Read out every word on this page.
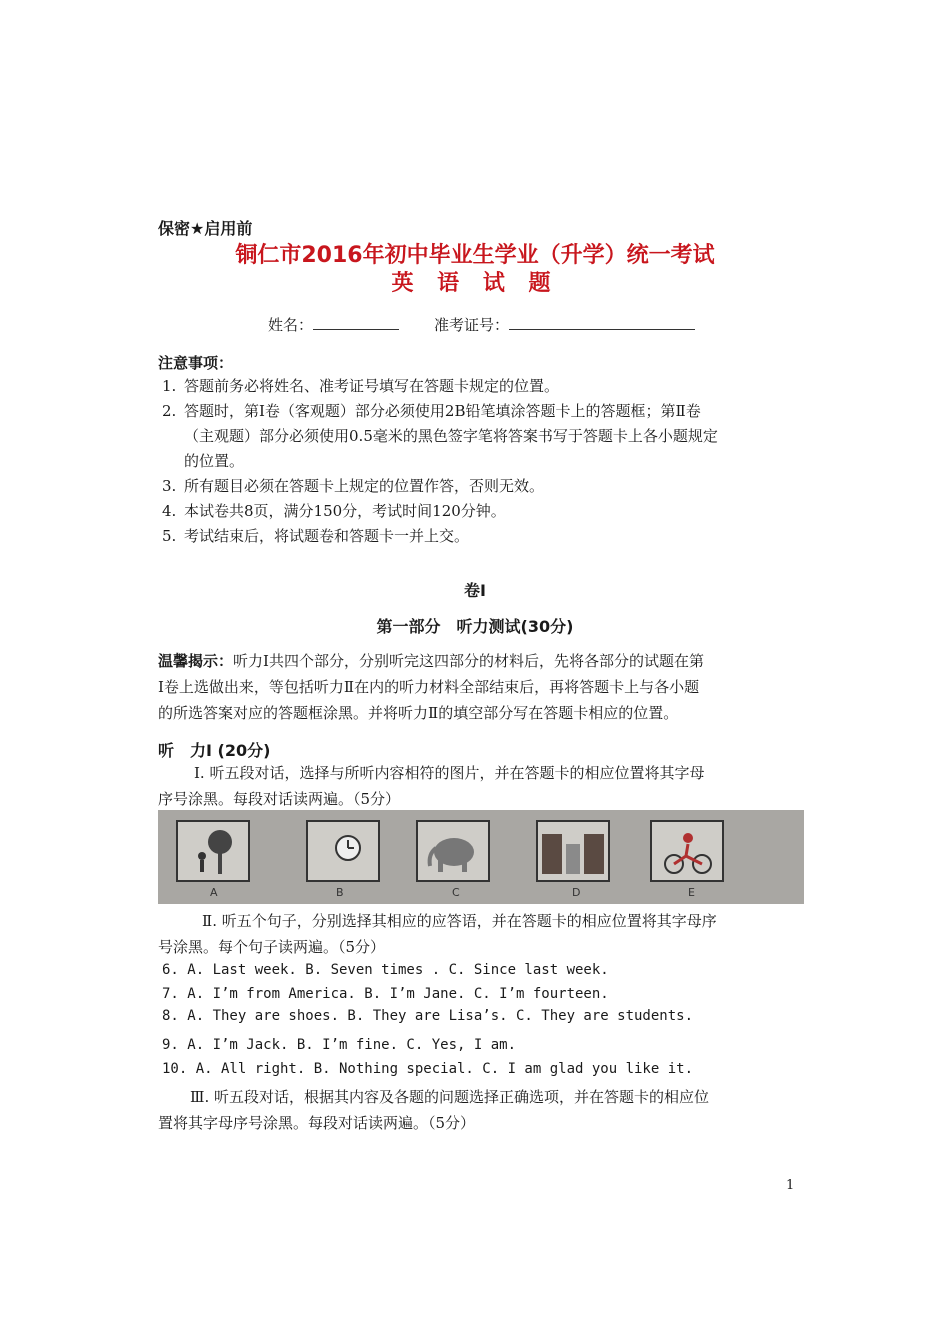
保密★启用前
铜仁市2016年初中毕业生学业（升学）统一考试
英 语 试 题
姓名：	准考证号：
注意事项：
1. 答题前务必将姓名、准考证号填写在答题卡规定的位置。
2. 答题时，第Ⅰ卷（客观题）部分必须使用2B铅笔填涂答题卡上的答题框；第Ⅱ卷
（主观题）部分必须使用0.5毫米的黑色签字笔将答案书写于答题卡上各小题规定
的位置。
3. 所有题目必须在答题卡上规定的位置作答，否则无效。
4. 本试卷共8页，满分150分，考试时间120分钟。
5. 考试结束后，将试题卷和答题卡一并上交。
卷Ⅰ
第一部分　听力测试(30分)
温馨揭示：听力Ⅰ共四个部分，分别听完这四部分的材料后，先将各部分的试题在第
Ⅰ卷上选做出来，等包括听力Ⅱ在内的听力材料全部结束后，再将答题卡上与各小题
的所选答案对应的答题框涂黑。并将听力Ⅱ的填空部分写在答题卡相应的位置。
听　力Ⅰ (20分)
Ⅰ. 听五段对话，选择与所听内容相符的图片，并在答题卡的相应位置将其字母
序号涂黑。每段对话读两遍。（5分）
A	B	C	D	E
Ⅱ. 听五个句子，分别选择其相应的应答语，并在答题卡的相应位置将其字母序
号涂黑。每个句子读两遍。（5分）
6. A. Last week. B. Seven times . C. Since last week.
7. A. I’m from America. B. I’m Jane. C. I’m fourteen.
8. A. They are shoes. B. They are Lisa’s. C. They are students.
9. A. I’m Jack. B. I’m fine. C. Yes, I am.
10. A. All right. B. Nothing special. C. I am glad you like it.
Ⅲ. 听五段对话，根据其内容及各题的问题选择正确选项，并在答题卡的相应位
置将其字母序号涂黑。每段对话读两遍。（5分）
1
